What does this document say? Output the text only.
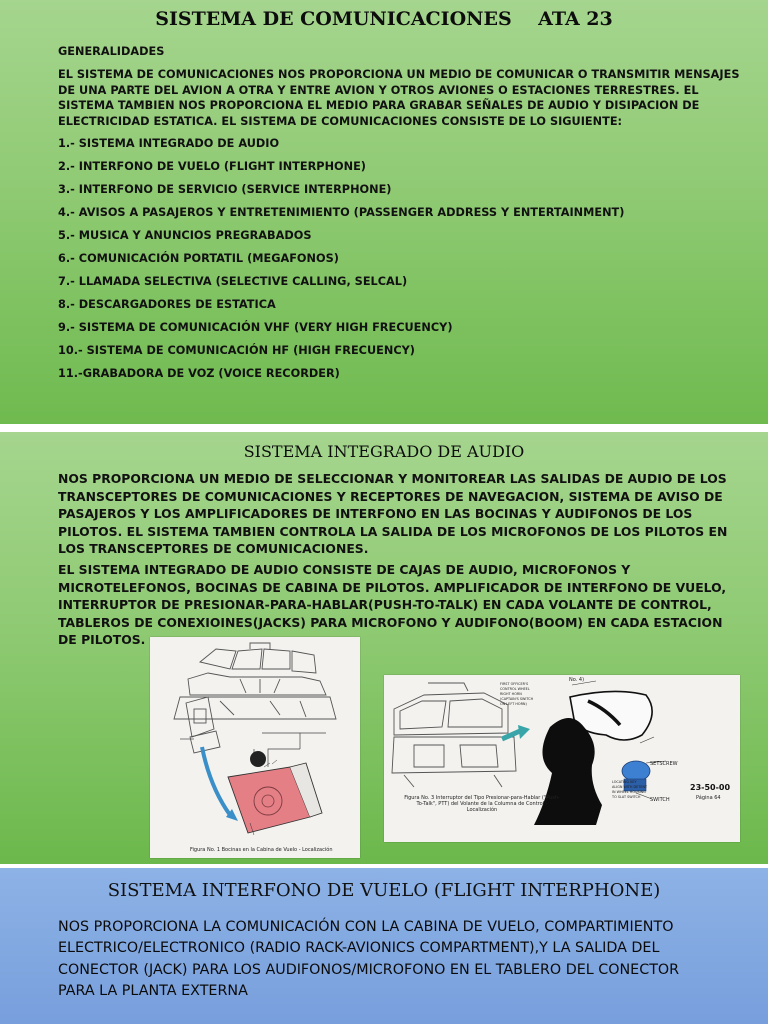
SISTEMA DE COMUNICACIONES    ATA 23
GENERALIDADES
EL SISTEMA DE COMUNICACIONES NOS PROPORCIONA UN MEDIO DE COMUNICAR O TRANSMITIR MENSAJES DE UNA PARTE DEL AVION A OTRA Y ENTRE AVION Y OTROS AVIONES O ESTACIONES TERRESTRES. EL SISTEMA TAMBIEN NOS PROPORCIONA EL MEDIO PARA GRABAR SEÑALES DE AUDIO Y DISIPACION DE ELECTRICIDAD ESTATICA. EL SISTEMA DE COMUNICACIONES CONSISTE DE LO SIGUIENTE:
1.- SISTEMA INTEGRADO DE AUDIO
2.- INTERFONO DE VUELO (FLIGHT INTERPHONE)
3.- INTERFONO DE SERVICIO (SERVICE INTERPHONE)
4.- AVISOS A PASAJEROS Y ENTRETENIMIENTO (PASSENGER ADDRESS Y ENTERTAINMENT)
5.- MUSICA Y ANUNCIOS PREGRABADOS
6.- COMUNICACIÓN PORTATIL (MEGAFONOS)
7.- LLAMADA SELECTIVA (SELECTIVE CALLING, SELCAL)
8.- DESCARGADORES DE ESTATICA
9.- SISTEMA DE COMUNICACIÓN VHF (VERY HIGH FRECUENCY)
10.- SISTEMA DE COMUNICACIÓN HF (HIGH FRECUENCY)
11.-GRABADORA DE VOZ (VOICE RECORDER)
SISTEMA INTEGRADO DE AUDIO
NOS PROPORCIONA UN MEDIO DE SELECCIONAR Y MONITOREAR LAS SALIDAS DE AUDIO DE LOS TRANSCEPTORES DE COMUNICACIONES Y RECEPTORES DE NAVEGACION, SISTEMA DE AVISO DE PASAJEROS Y LOS AMPLIFICADORES DE INTERFONO EN LAS BOCINAS Y AUDIFONOS DE LOS PILOTOS. EL SISTEMA TAMBIEN CONTROLA LA SALIDA DE LOS MICROFONOS DE LOS PILOTOS EN LOS TRANSCEPTORES DE COMUNICACIONES.
EL SISTEMA INTEGRADO DE AUDIO CONSISTE DE CAJAS DE AUDIO, MICROFONOS Y MICROTELEFONOS, BOCINAS DE CABINA DE PILOTOS. AMPLIFICADOR DE INTERFONO DE VUELO, INTERRUPTOR DE PRESIONAR-PARA-HABLAR(PUSH-TO-TALK) EN CADA VOLANTE DE CONTROL, TABLEROS DE CONEXIOINES(JACKS) PARA MICROFONO Y AUDIFONO(BOOM) EN CADA ESTACION DE PILOTOS.
Figura No. 1 Bocinas en la Cabina de Vuelo - Localización
FIRST OFFICER'S
CONTROL WHEEL
RIGHT HORN
(CAPTAIN'S SWITCH
ON LEFT HORN)
LOCATING KEY
ALIGN WITH DETENT
IN WHEEL HOUSING
TO SLAT SWITCH
No. 4)
SETSCREW
SWITCH
Figura No. 3 Interruptor del Tipo Presionar-para-Hablar ("Push-To-Talk", PTT) del Volante de la Columna de Control - Localización
23-50-00
Página 64
SISTEMA INTERFONO DE VUELO (FLIGHT INTERPHONE)
NOS PROPORCIONA LA COMUNICACIÓN CON LA CABINA DE VUELO, COMPARTIMIENTO ELECTRICO/ELECTRONICO (RADIO RACK-AVIONICS COMPARTMENT),Y LA SALIDA DEL CONECTOR (JACK) PARA LOS AUDIFONOS/MICROFONO EN EL TABLERO DEL CONECTOR PARA LA PLANTA EXTERNA
